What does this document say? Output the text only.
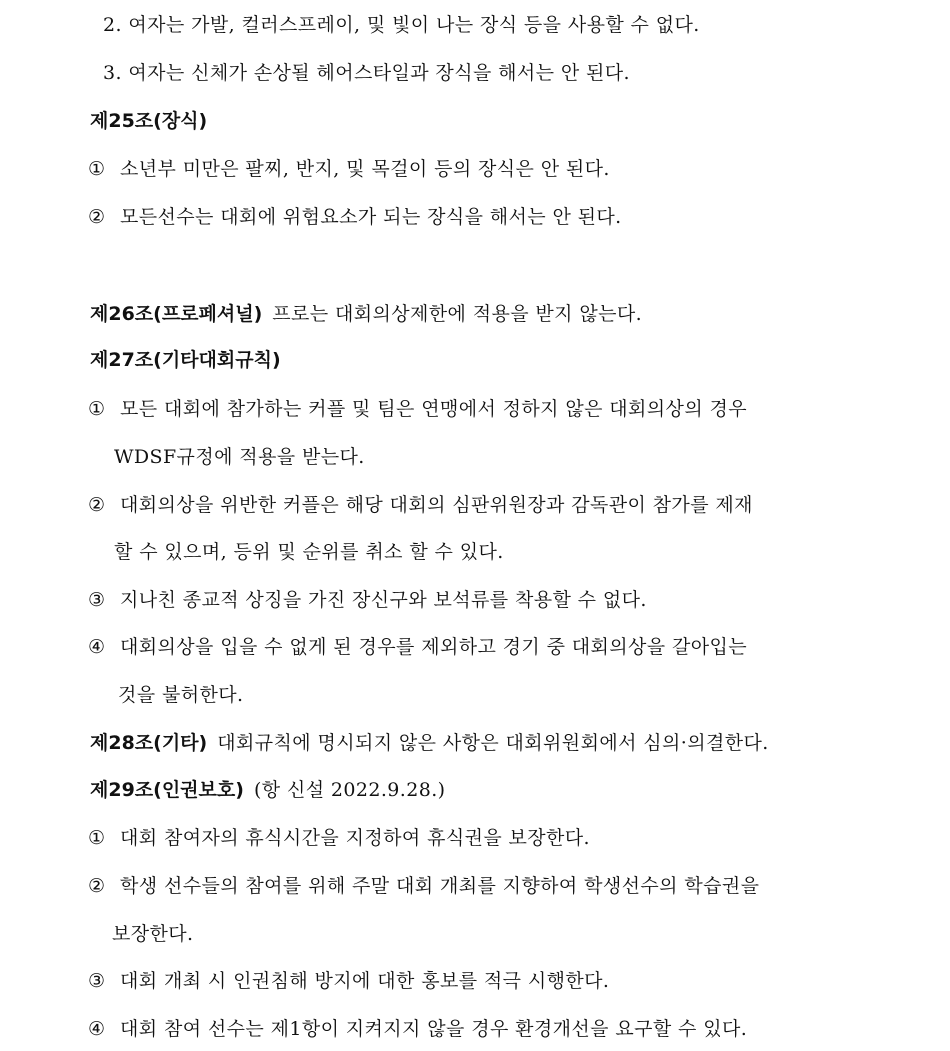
2. 여자는 가발, 컬러스프레이, 및 빛이 나는 장식 등을 사용할 수 없다.
3. 여자는 신체가 손상될 헤어스타일과 장식을 해서는 안 된다.
제25조(장식)
① 소년부 미만은 팔찌, 반지, 및 목걸이 등의 장식은 안 된다.
② 모든선수는 대회에 위험요소가 되는 장식을 해서는 안 된다.
제26조(프로페셔널) 프로는 대회의상제한에 적용을 받지 않는다.
제27조(기타대회규칙)
① 모든 대회에 참가하는 커플 및 팀은 연맹에서 정하지 않은 대회의상의 경우
WDSF규정에 적용을 받는다.
② 대회의상을 위반한 커플은 해당 대회의 심판위원장과 감독관이 참가를 제재
할 수 있으며, 등위 및 순위를 취소 할 수 있다.
③ 지나친 종교적 상징을 가진 장신구와 보석류를 착용할 수 없다.
④ 대회의상을 입을 수 없게 된 경우를 제외하고 경기 중 대회의상을 갈아입는
것을 불허한다.
제28조(기타) 대회규칙에 명시되지 않은 사항은 대회위원회에서 심의·의결한다.
제29조(인권보호) (항 신설 2022.9.28.)
① 대회 참여자의 휴식시간을 지정하여 휴식권을 보장한다.
② 학생 선수들의 참여를 위해 주말 대회 개최를 지향하여 학생선수의 학습권을
보장한다.
③ 대회 개최 시 인권침해 방지에 대한 홍보를 적극 시행한다.
④ 대회 참여 선수는 제1항이 지켜지지 않을 경우 환경개선을 요구할 수 있다.
